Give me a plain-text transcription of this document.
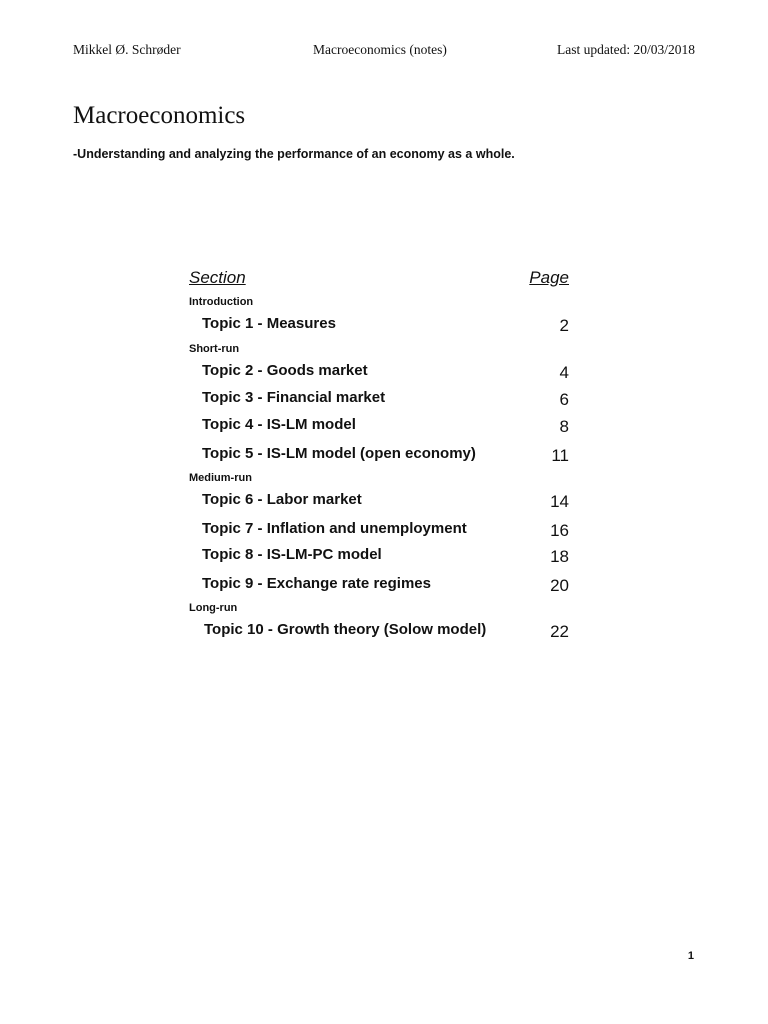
Mikkel Ø. Schrøder	Macroeconomics (notes)	Last updated: 20/03/2018
Macroeconomics

-Understanding and analyzing the performance of an economy as a whole.

Section	Page
Introduction
Topic 1 - Measures	2
Short-run
Topic 2 - Goods market	4
Topic 3 - Financial market	6
Topic 4 - IS-LM model	8
Topic 5 - IS-LM model (open economy)	11
Medium-run
Topic 6 - Labor market	14
Topic 7 - Inflation and unemployment	16
Topic 8 - IS-LM-PC model	18
Topic 9 - Exchange rate regimes	20
Long-run
Topic 10 - Growth theory (Solow model)	22
1
